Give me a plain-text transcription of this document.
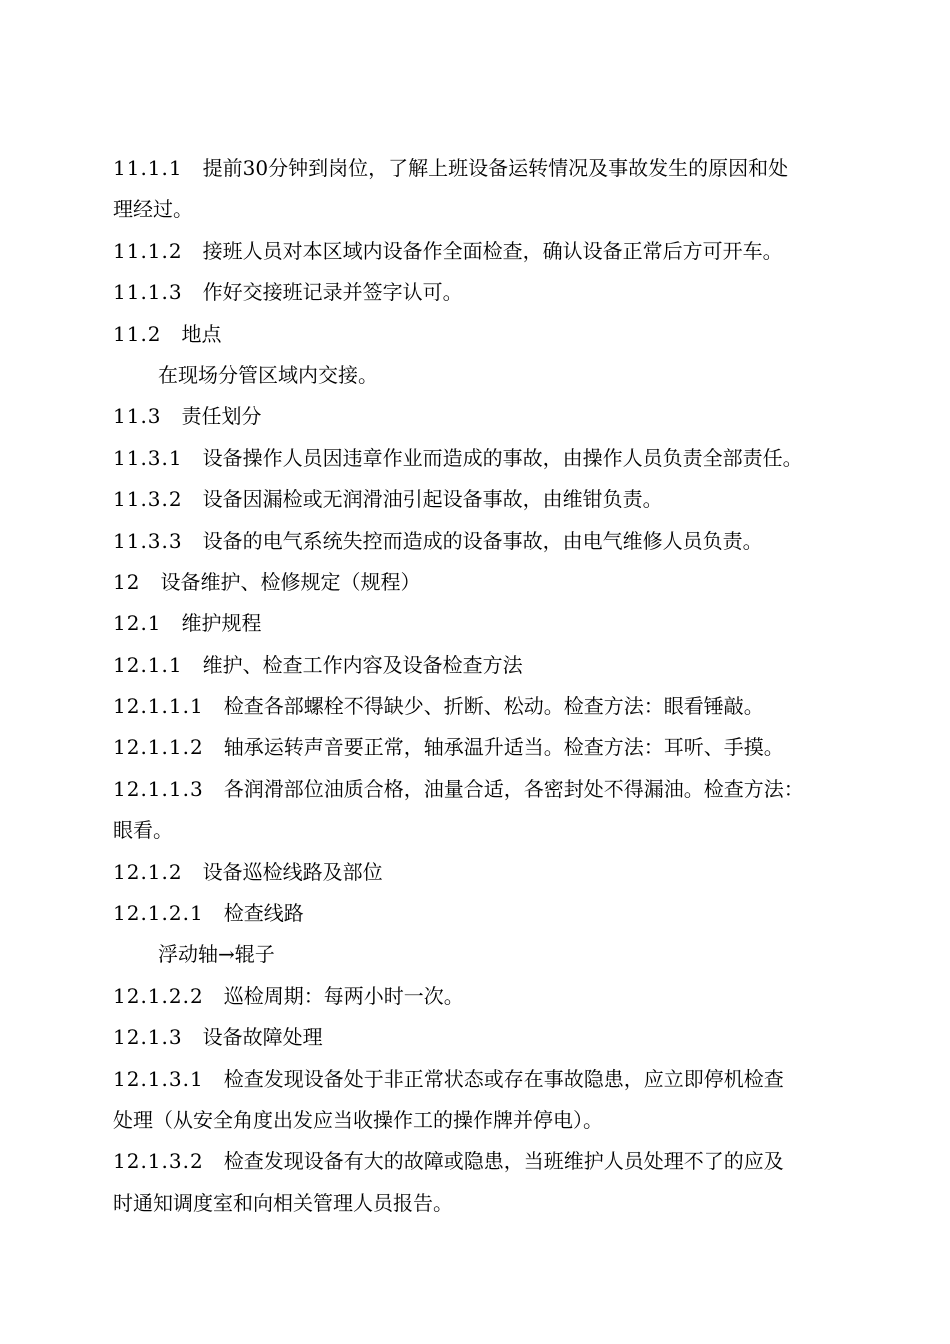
11.1.1 提前30分钟到岗位，了解上班设备运转情况及事故发生的原因和处
理经过。
11.1.2 接班人员对本区域内设备作全面检查，确认设备正常后方可开车。
11.1.3 作好交接班记录并签字认可。
11.2 地点
在现场分管区域内交接。
11.3 责任划分
11.3.1 设备操作人员因违章作业而造成的事故，由操作人员负责全部责任。
11.3.2 设备因漏检或无润滑油引起设备事故，由维钳负责。
11.3.3 设备的电气系统失控而造成的设备事故，由电气维修人员负责。
12 设备维护、检修规定（规程）
12.1 维护规程
12.1.1 维护、检查工作内容及设备检查方法
12.1.1.1 检查各部螺栓不得缺少、折断、松动。检查方法：眼看锤敲。
12.1.1.2 轴承运转声音要正常，轴承温升适当。检查方法：耳听、手摸。
12.1.1.3 各润滑部位油质合格，油量合适，各密封处不得漏油。检查方法：
眼看。
12.1.2 设备巡检线路及部位
12.1.2.1 检查线路
浮动轴→辊子
12.1.2.2 巡检周期：每两小时一次。
12.1.3 设备故障处理
12.1.3.1 检查发现设备处于非正常状态或存在事故隐患，应立即停机检查
处理（从安全角度出发应当收操作工的操作牌并停电）。
12.1.3.2 检查发现设备有大的故障或隐患，当班维护人员处理不了的应及
时通知调度室和向相关管理人员报告。
